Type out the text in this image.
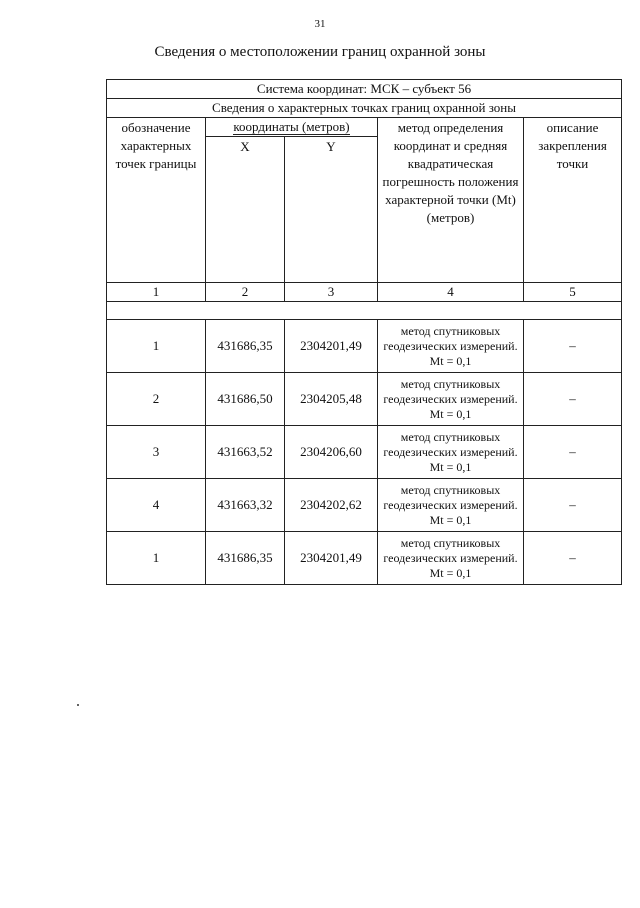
31
Сведения о местоположении границ охранной зоны
Система координат: МСК – субъект 56				
Сведения о характерных точках границ охранной зоны				
обозначение характерных точек границы	координаты (метров)		метод определения координат и средняя квадратическая погрешность положения характерной точки (Mt) (метров)	описание закрепления точки
	X	Y		
1	2	3	4	5

1	431686,35	2304201,49	метод спутниковых геодезических измерений. Mt = 0,1	–
2	431686,50	2304205,48	метод спутниковых геодезических измерений. Mt = 0,1	–
3	431663,52	2304206,60	метод спутниковых геодезических измерений. Mt = 0,1	–
4	431663,32	2304202,62	метод спутниковых геодезических измерений. Mt = 0,1	–
1	431686,35	2304201,49	метод спутниковых геодезических измерений. Mt = 0,1	–
